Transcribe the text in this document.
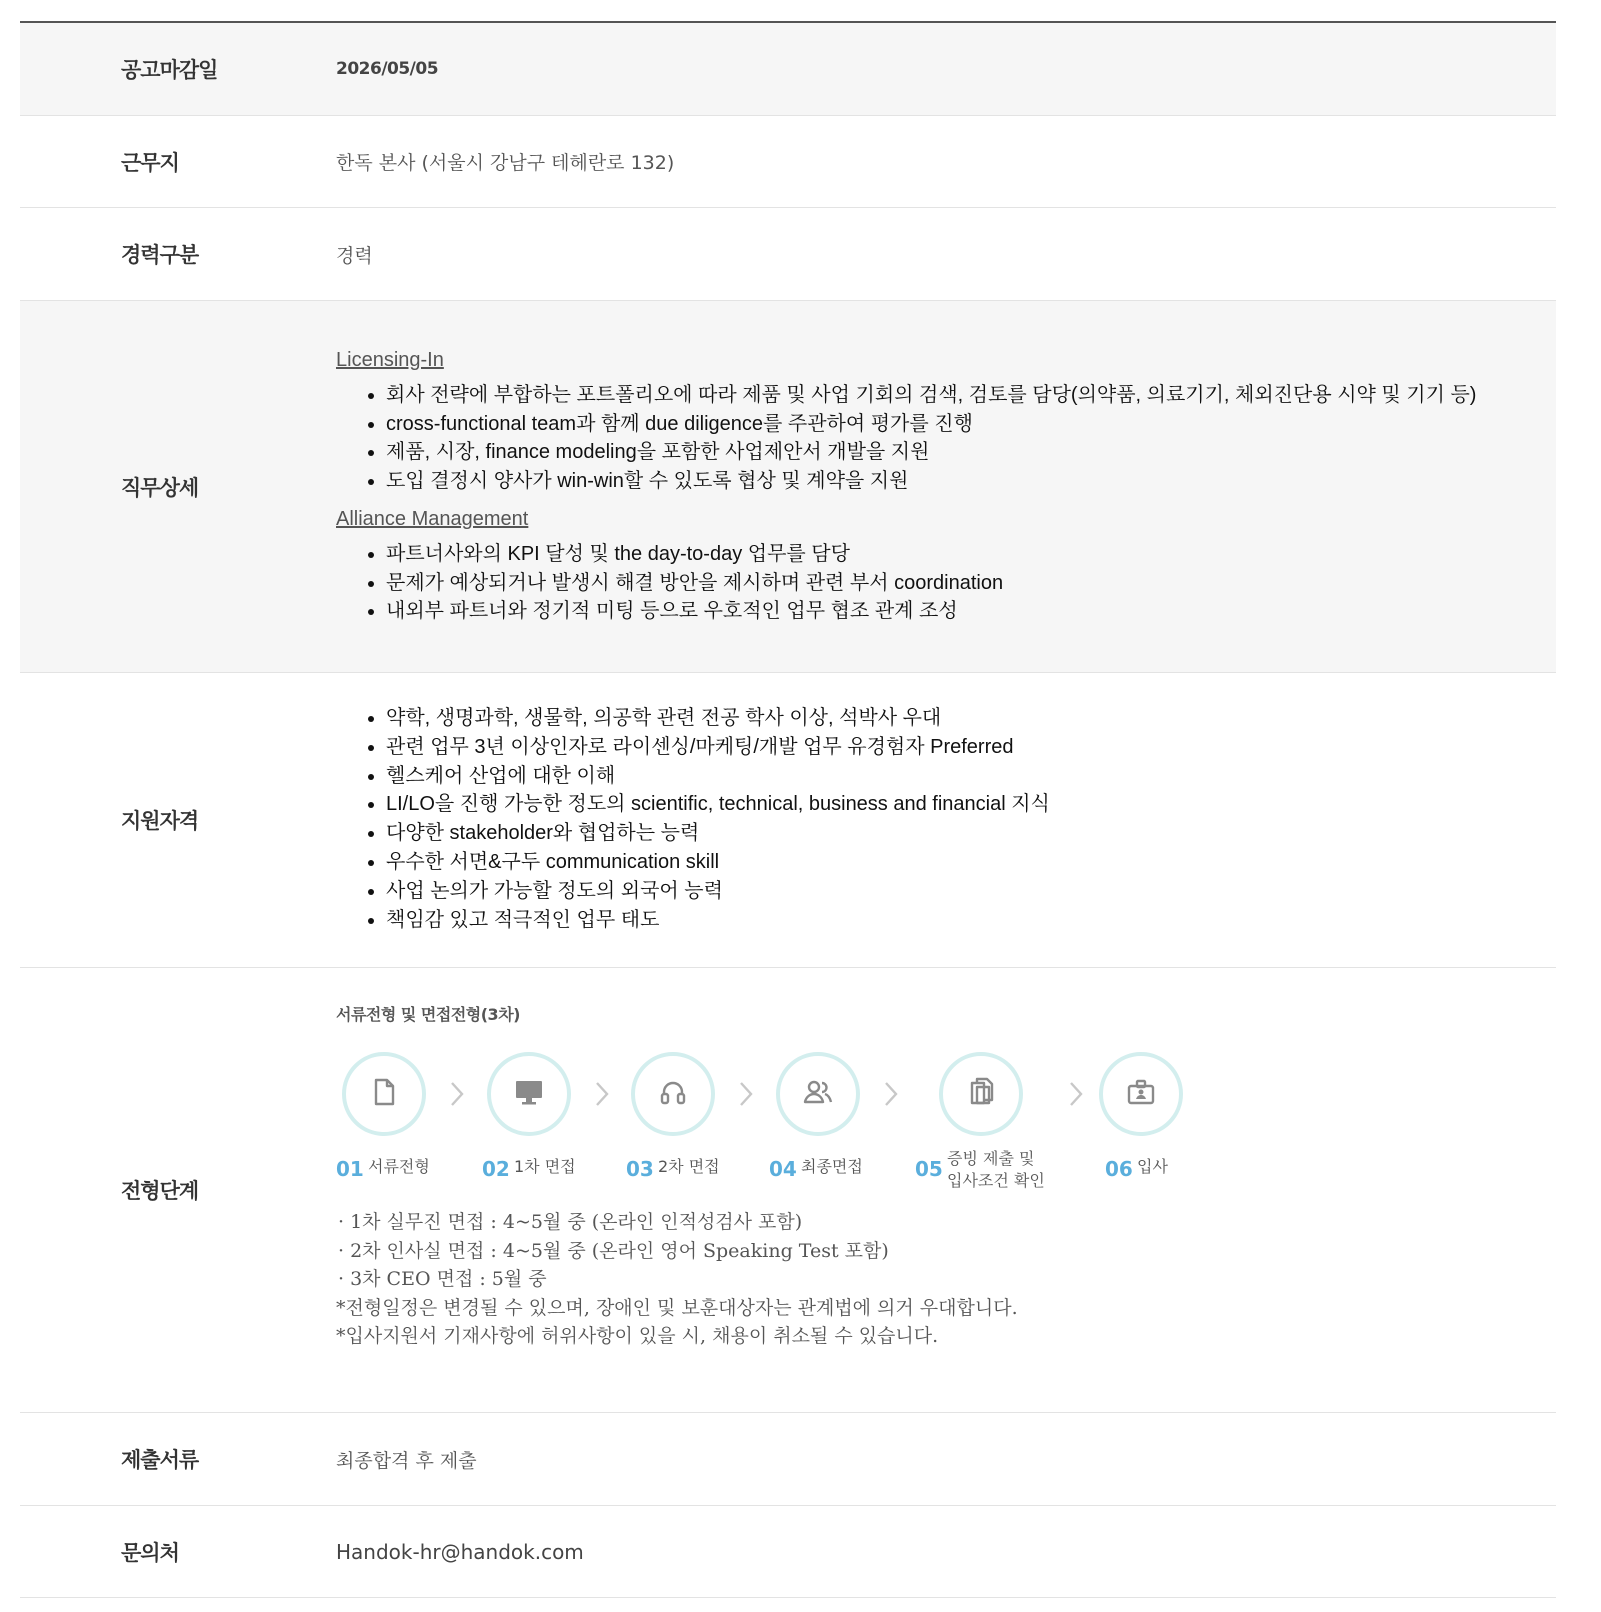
공고마감일	2026/05/05
근무지	한독 본사 (서울시 강남구 테헤란로 132)
경력구분	경력
직무상세
Licensing-In
• 회사 전략에 부합하는 포트폴리오에 따라 제품 및 사업 기회의 검색, 검토를 담당(의약품, 의료기기, 체외진단용 시약 및 기기 등)
• cross-functional team과 함께 due diligence를 주관하여 평가를 진행
• 제품, 시장, finance modeling을 포함한 사업제안서 개발을 지원
• 도입 결정시 양사가 win-win할 수 있도록 협상 및 계약을 지원
Alliance Management
• 파트너사와의 KPI 달성 및 the day-to-day 업무를 담당
• 문제가 예상되거나 발생시 해결 방안을 제시하며 관련 부서 coordination
• 내외부 파트너와 정기적 미팅 등으로 우호적인 업무 협조 관계 조성
지원자격
• 약학, 생명과학, 생물학, 의공학 관련 전공 학사 이상, 석박사 우대
• 관련 업무 3년 이상인자로 라이센싱/마케팅/개발 업무 유경험자 Preferred
• 헬스케어 산업에 대한 이해
• LI/LO을 진행 가능한 정도의 scientific, technical, business and financial 지식
• 다양한 stakeholder와 협업하는 능력
• 우수한 서면&구두 communication skill
• 사업 논의가 가능할 정도의 외국어 능력
• 책임감 있고 적극적인 업무 태도
전형단계
서류전형 및 면접전형(3차)
01 서류전형	02 1차 면접	03 2차 면접 04 최종면접	05 증빙 제출 및
입사조건 확인	06 입사
· 1차 실무진 면접 : 4~5월 중 (온라인 인적성검사 포함)
· 2차 인사실 면접 : 4~5월 중 (온라인 영어 Speaking Test 포함)
· 3차 CEO 면접 : 5월 중
*전형일정은 변경될 수 있으며, 장애인 및 보훈대상자는 관계법에 의거 우대합니다.
*입사지원서 기재사항에 허위사항이 있을 시, 채용이 취소될 수 있습니다.
제출서류	최종합격 후 제출
문의처	Handok-hr@handok.com
